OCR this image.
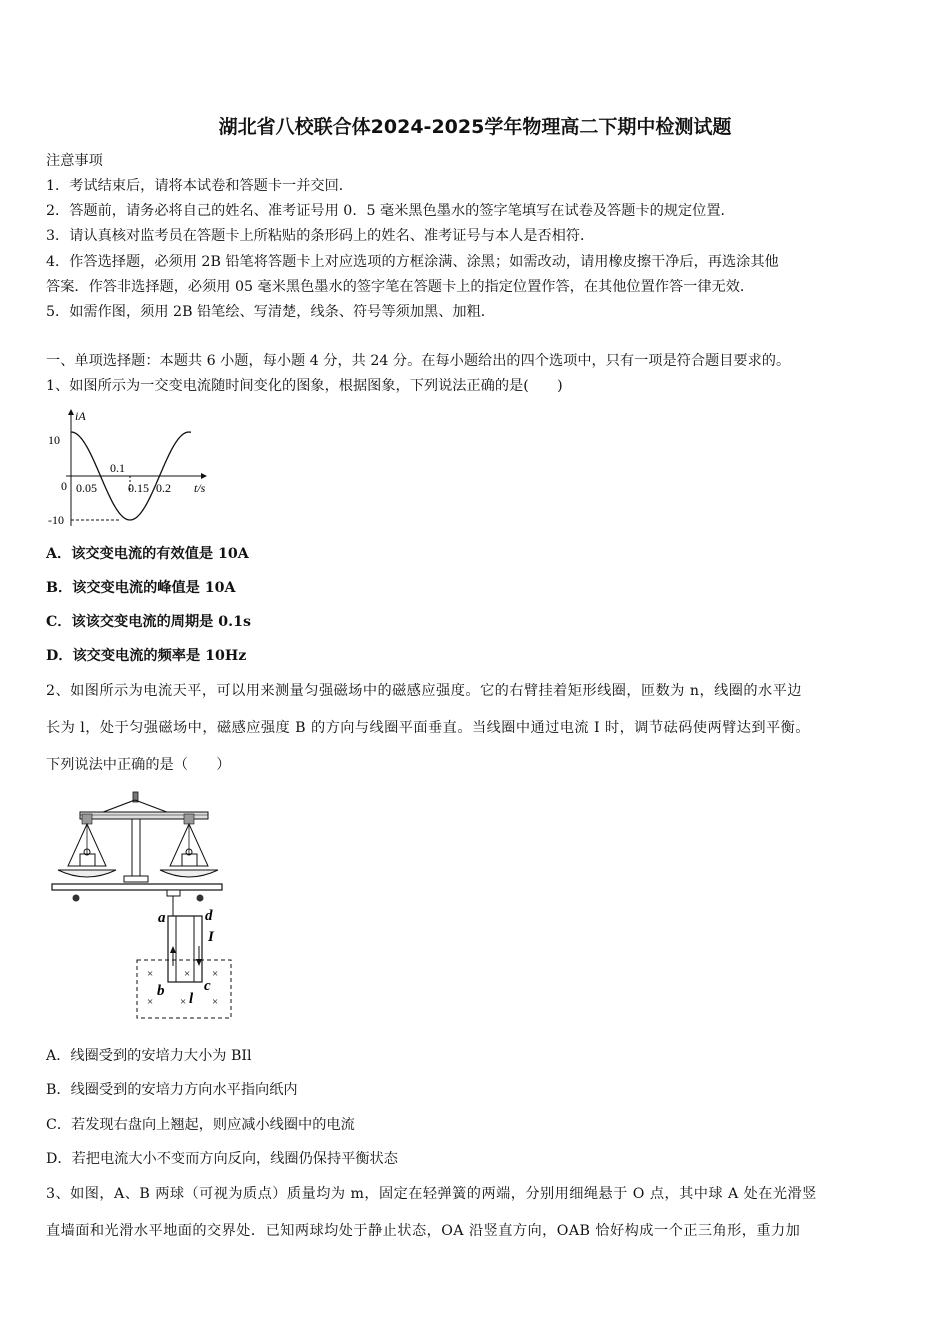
湖北省八校联合体2024-2025学年物理高二下期中检测试题
注意事项
1．考试结束后，请将本试卷和答题卡一并交回．
2．答题前，请务必将自己的姓名、准考证号用 0．5 毫米黑色墨水的签字笔填写在试卷及答题卡的规定位置．
3．请认真核对监考员在答题卡上所粘贴的条形码上的姓名、准考证号与本人是否相符．
4．作答选择题，必须用 2B 铅笔将答题卡上对应选项的方框涂满、涂黑；如需改动，请用橡皮擦干净后，再选涂其他
答案．作答非选择题，必须用 05 毫米黑色墨水的签字笔在答题卡上的指定位置作答，在其他位置作答一律无效．
5．如需作图，须用 2B 铅笔绘、写清楚，线条、符号等须加黑、加粗．
一、单项选择题：本题共 6 小题，每小题 4 分，共 24 分。在每小题给出的四个选项中，只有一项是符合题目要求的。
1、如图所示为一交变电流随时间变化的图象，根据图象，下列说法正确的是(　　)
iA
10
0
-10
0.05
0.1
0.15 0.2 t/s
A．该交变电流的有效值是 10A
B．该交变电流的峰值是 10A
C．该该交变电流的周期是 0.1s
D．该交变电流的频率是 10Hz
2、如图所示为电流天平，可以用来测量匀强磁场中的磁感应强度。它的右臂挂着矩形线圈，匝数为 n，线圈的水平边
长为 l，处于匀强磁场中，磁感应强度 B 的方向与线圈平面垂直。当线圈中通过电流 I 时，调节砝码使两臂达到平衡。
下列说法中正确的是（　　）
×	× ×
× × ×
a	d
I
b l
c
A．线圈受到的安培力大小为 BIl
B．线圈受到的安培力方向水平指向纸内
C．若发现右盘向上翘起，则应减小线圈中的电流
D．若把电流大小不变而方向反向，线圈仍保持平衡状态
3、如图，A、B 两球（可视为质点）质量均为 m，固定在轻弹簧的两端，分别用细绳悬于 O 点，其中球 A 处在光滑竖
直墙面和光滑水平地面的交界处．已知两球均处于静止状态，OA 沿竖直方向，OAB 恰好构成一个正三角形，重力加
